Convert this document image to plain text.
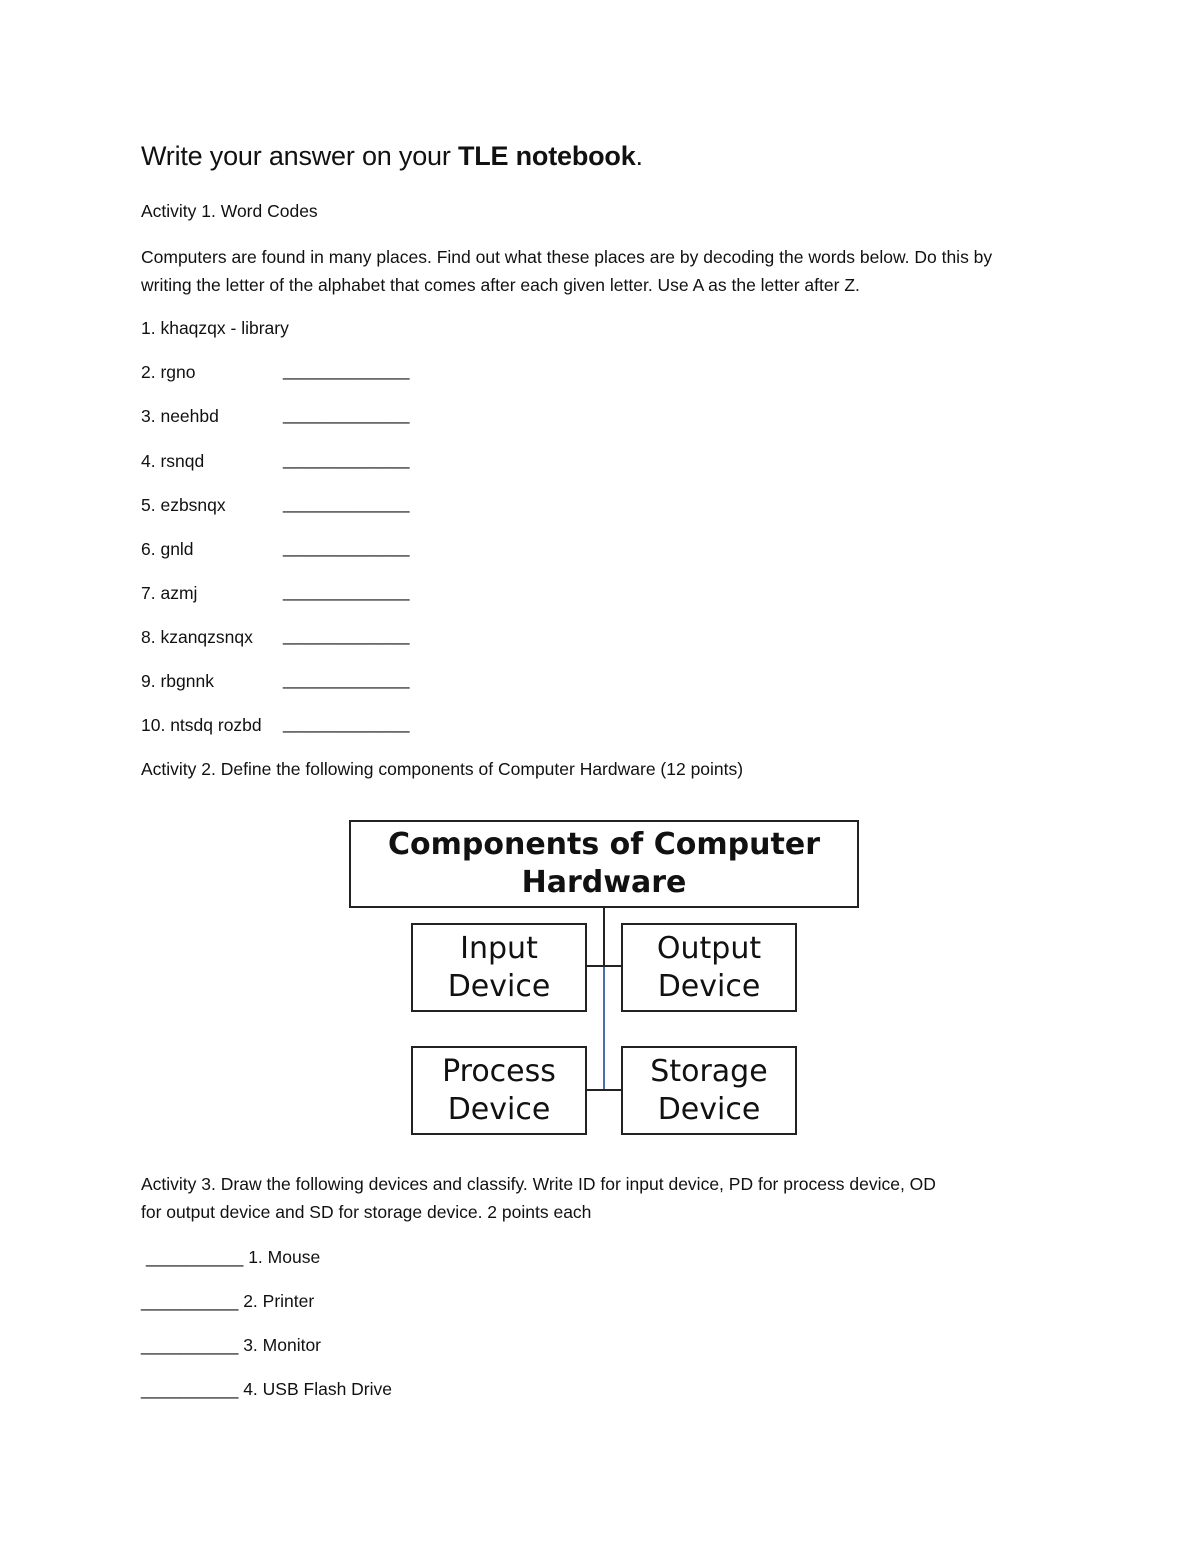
Write your answer on your TLE notebook.
Activity 1. Word Codes
Computers are found in many places. Find out what these places are by decoding the words below. Do this by writing the letter of the alphabet that comes after each given letter. Use A as the letter after Z.
1. khaqzqx - library
2. rgno	_____________
3. neehbd	_____________
4. rsnqd	_____________
5. ezbsnqx	_____________
6. gnld	_____________
7. azmj	_____________
8. kzanqzsnqx _____________
9. rbgnnk	_____________
10. ntsdq rozbd _____________
Activity 2. Define the following components of Computer Hardware (12 points)
Components of Computer
Hardware
Input
Device
Output
Device
Process
Device
Storage
Device
Activity 3. Draw the following devices and classify. Write ID for input device, PD for process device, OD
for output device and SD for storage device. 2 points each
__________ 1. Mouse
__________ 2. Printer
__________ 3. Monitor
__________ 4. USB Flash Drive
